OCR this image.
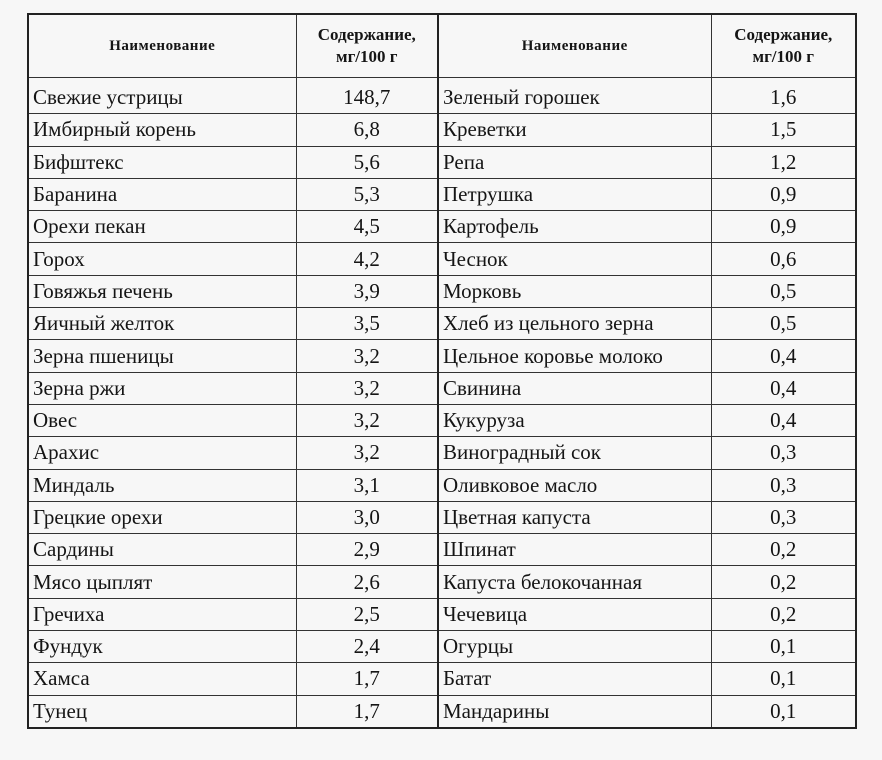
Наименование	Содержание, мг/100 г	Наименование	Содержание, мг/100 г
Свежие устрицы	148,7	Зеленый горошек	1,6
Имбирный корень	6,8	Креветки	1,5
Бифштекс	5,6	Репа	1,2
Баранина	5,3	Петрушка	0,9
Орехи пекан	4,5	Картофель	0,9
Горох	4,2	Чеснок	0,6
Говяжья печень	3,9	Морковь	0,5
Яичный желток	3,5	Хлеб из цельного зерна	0,5
Зерна пшеницы	3,2	Цельное коровье молоко	0,4
Зерна ржи	3,2	Свинина	0,4
Овес	3,2	Кукуруза	0,4
Арахис	3,2	Виноградный сок	0,3
Миндаль	3,1	Оливковое масло	0,3
Грецкие орехи	3,0	Цветная капуста	0,3
Сардины	2,9	Шпинат	0,2
Мясо цыплят	2,6	Капуста белокочанная	0,2
Гречиха	2,5	Чечевица	0,2
Фундук	2,4	Огурцы	0,1
Хамса	1,7	Батат	0,1
Тунец	1,7	Мандарины	0,1
